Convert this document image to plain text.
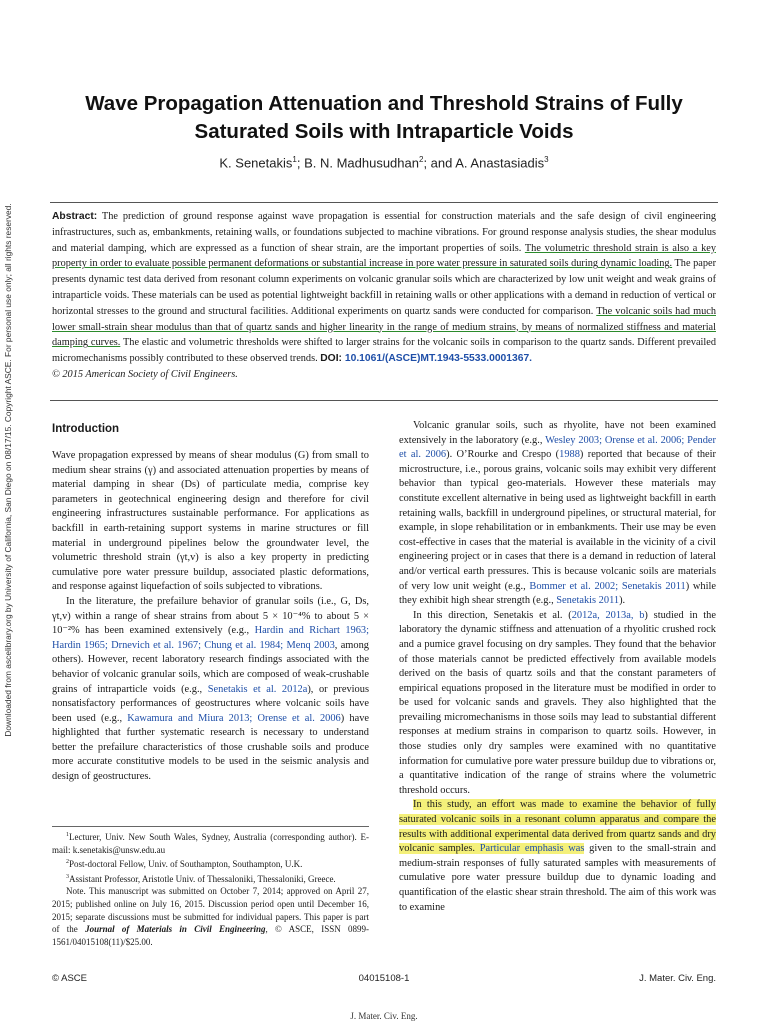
Downloaded from ascelibrary.org by University of California, San Diego on 08/17/15. Copyright ASCE. For personal use only; all rights reserved.
Wave Propagation Attenuation and Threshold Strains of Fully Saturated Soils with Intraparticle Voids
K. Senetakis$^1$; B. N. Madhusudhan$^2$; and A. Anastasiadis$^3$

Abstract: The prediction of ground response against wave propagation is essential for construction materials and the safe design of civil engineering infrastructures, such as, embankments, retaining walls, or foundations subjected to machine vibrations. For ground response analysis studies, the shear modulus and material damping, which are expressed as a function of shear strain, are the important properties of soils. The volumetric threshold strain is also a key property in order to evaluate possible permanent deformations or substantial increase in pore water pressure in saturated soils during dynamic loading. The paper presents dynamic test data derived from resonant column experiments on volcanic granular soils which are characterized by low unit weight and weak grains of intraparticle voids. These materials can be used as potential lightweight backfill in retaining walls or other applications with a demand in reduction of vertical or horizontal stresses to the ground and structural facilities. Additional experiments on quartz sands were conducted for comparison. The volcanic soils had much lower small-strain shear modulus than that of quartz sands and higher linearity in the range of medium strains, by means of normalized stiffness and material damping curves. The elastic and volumetric thresholds were shifted to larger strains for the volcanic soils in comparison to the quartz sands. Different prevailed micromechanisms possibly contributed to these observed trends. DOI: 10.1061/(ASCE)MT.1943-5533.0001367.
© 2015 American Society of Civil Engineers.

Introduction

Wave propagation expressed by means of shear modulus (G) from small to medium shear strains (γ) and associated attenuation properties by means of material damping in shear (Ds) of particulate media, comprise key parameters in geotechnical engineering design and therefore for civil engineering infrastructures sustainable performance. For applications as backfill in earth-retaining support systems in marine structures or fill material in underground pipelines below the groundwater level, the volumetric threshold strain (γt,v) is also a key property in predicting cumulative pore water pressure buildup, associated plastic deformations, and response against liquefaction of soils subjected to vibrations.

In the literature, the prefailure behavior of granular soils (i.e., G, Ds, γt,v) within a range of shear strains from about 5 × 10⁻⁴% to about 5 × 10⁻²% has been examined extensively (e.g., Hardin and Richart 1963; Hardin 1965; Drnevich et al. 1967; Chung et al. 1984; Menq 2003, among others). However, recent laboratory research findings associated with the behavior of volcanic granular soils, which are composed of weak-crushable grains of intraparticle voids (e.g., Senetakis et al. 2012a), or previous nonsatisfactory performances of geostructures where volcanic soils have been used (e.g., Kawamura and Miura 2013; Orense et al. 2006) have highlighted that further systematic research is necessary to understand better the prefailure characteristics of those crushable soils and produce more accurate constitutive models to be used in the seismic analysis and design of geostructures.

Volcanic granular soils, such as rhyolite, have not been examined extensively in the laboratory (e.g., Wesley 2003; Orense et al. 2006; Pender et al. 2006). O’Rourke and Crespo (1988) reported that because of their microstructure, i.e., porous grains, volcanic soils may exhibit very different behavior than typical geo-materials. However these materials may constitute excellent alternative in being used as lightweight backfill in earth retaining walls, backfill in underground pipelines, or structural material, for example, in slope rehabilitation or in embankments. Their use may be even cost-effective in cases that the material is available in the vicinity of a civil engineering project or in cases that there is a demand in reduction of lateral and/or vertical earth pressures. This is because volcanic soils are materials of very low unit weight (e.g., Bommer et al. 2002; Senetakis 2011) while they exhibit high shear strength (e.g., Senetakis 2011).

In this direction, Senetakis et al. (2012a, 2013a, b) studied in the laboratory the dynamic stiffness and attenuation of a rhyolitic crushed rock and a pumice gravel focusing on dry samples. They found that the behavior of those materials cannot be predicted effectively from available models derived on the basis of quartz soils and that the constant parameters of empirical equations proposed in the literature must be modified in order to be used for volcanic sands and gravels. They also highlighted that the prevailing micromechanisms in those soils may lead to substantial different responses at medium strains in comparison to quartz soils. However, in those studies only dry samples were examined with no quantitative information for cumulative pore water pressure buildup due to vibrations or, a quantitative indication of the range of strains where the volumetric threshold occurs.

In this study, an effort was made to examine the behavior of fully saturated volcanic soils in a resonant column apparatus and compare the results with additional experimental data derived from quartz sands and dry volcanic samples. Particular emphasis was given to the small-strain and medium-strain responses of fully saturated samples with measurements of cumulative pore water pressure buildup due to dynamic loading and quantification of the elastic shear strain threshold. The aim of this work was to examine

$^1$Lecturer, Univ. New South Wales, Sydney, Australia (corresponding author). E-mail: k.senetakis@unsw.edu.au

$^2$Post-doctoral Fellow, Univ. of Southampton, Southampton, U.K.

$^3$Assistant Professor, Aristotle Univ. of Thessaloniki, Thessaloniki, Greece.

Note. This manuscript was submitted on October 7, 2014; approved on April 27, 2015; published online on July 16, 2015. Discussion period open until December 16, 2015; separate discussions must be submitted for individual papers. This paper is part of the Journal of Materials in Civil Engineering, © ASCE, ISSN 0899-1561/04015108(11)/$25.00.

© ASCE	04015108-1	J. Mater. Civ. Eng.
J. Mater. Civ. Eng.
